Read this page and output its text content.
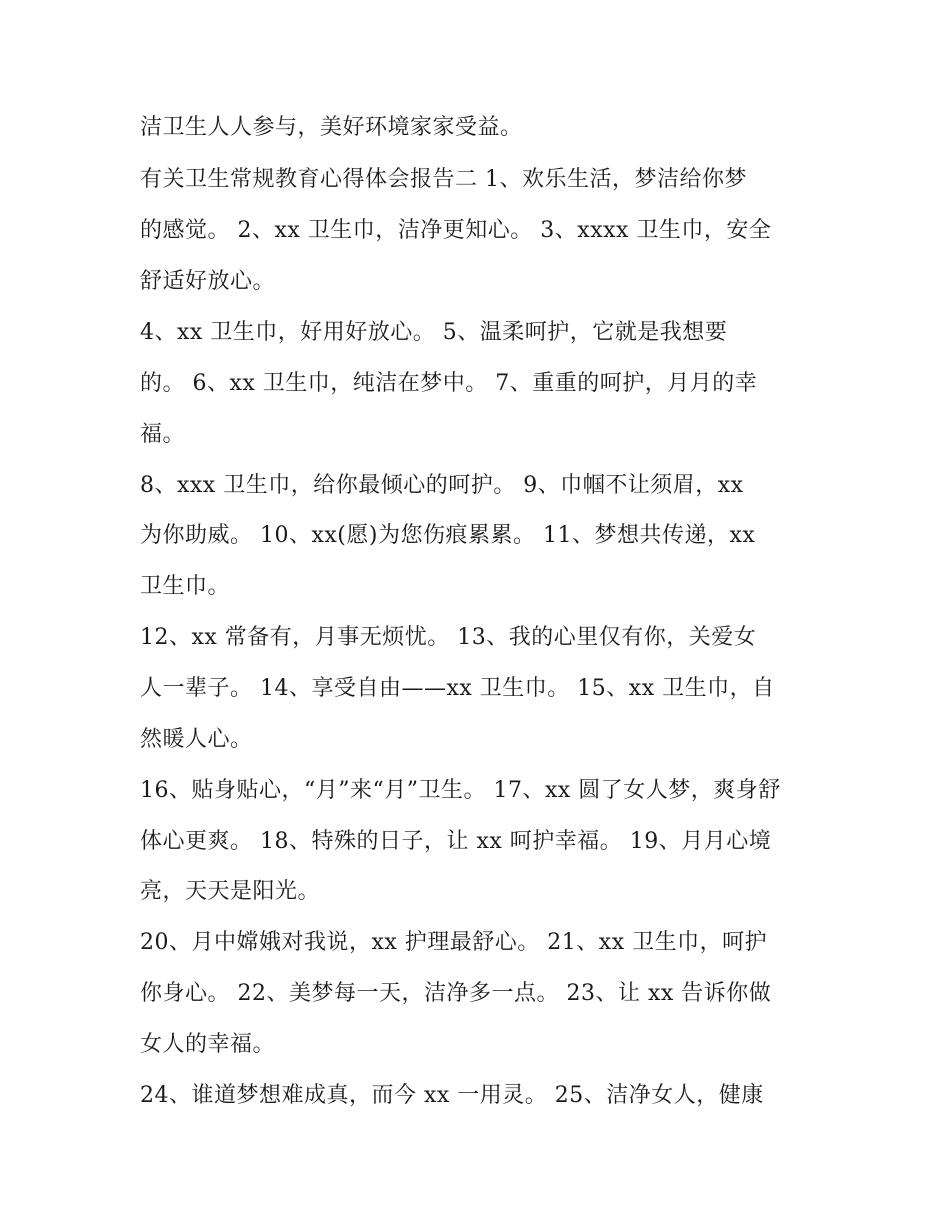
洁卫生人人参与，美好环境家家受益。
有关卫生常规教育心得体会报告二 1、欢乐生活，梦洁给你梦
的感觉。 2、xx 卫生巾，洁净更知心。 3、xxxx 卫生巾，安全
舒适好放心。
4、xx 卫生巾，好用好放心。 5、温柔呵护，它就是我想要
的。 6、xx 卫生巾，纯洁在梦中。 7、重重的呵护，月月的幸
福。
8、xxx 卫生巾，给你最倾心的呵护。 9、巾帼不让须眉，xx
为你助威。 10、xx(愿)为您伤痕累累。 11、梦想共传递，xx
卫生巾。
12、xx 常备有，月事无烦忧。 13、我的心里仅有你，关爱女
人一辈子。 14、享受自由——xx 卫生巾。 15、xx 卫生巾，自
然暖人心。
16、贴身贴心，“月”来“月”卫生。 17、xx 圆了女人梦，爽身舒
体心更爽。 18、特殊的日子，让 xx 呵护幸福。 19、月月心境
亮，天天是阳光。
20、月中嫦娥对我说，xx 护理最舒心。 21、xx 卫生巾，呵护
你身心。 22、美梦每一天，洁净多一点。 23、让 xx 告诉你做
女人的幸福。
24、谁道梦想难成真，而今 xx 一用灵。 25、洁净女人，健康
